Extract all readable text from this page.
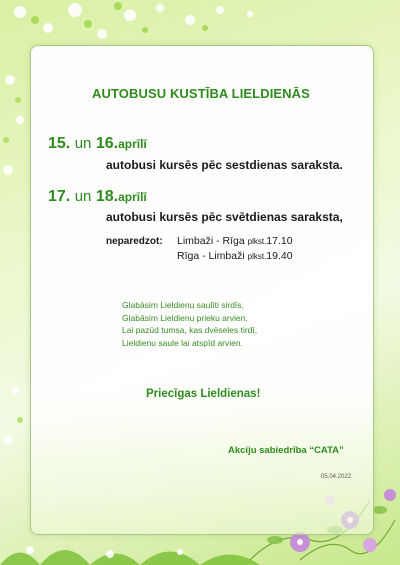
AUTOBUSU KUSTĪBA LIELDIENĀS

15. un 16.aprīlī

autobusi kursēs pēc sestdienas saraksta.

17. un 18.aprīlī

autobusi kursēs pēc svētdienas saraksta,

neparedzot: Limbaži - Rīga plkst.17.10
Rīga - Limbaži plkst.19.40
Glabāsim Lieldienu saulīti sirdīs,
Glabāsim Lieldienu prieku arvien.
Lai pazūd tumsa, kas dvēseles tirdī,
Lieldienu saule lai atspīd arvien.
Priecīgas Lieldienas!
Akciju sabiedrība “CATA”
05.04.2022
